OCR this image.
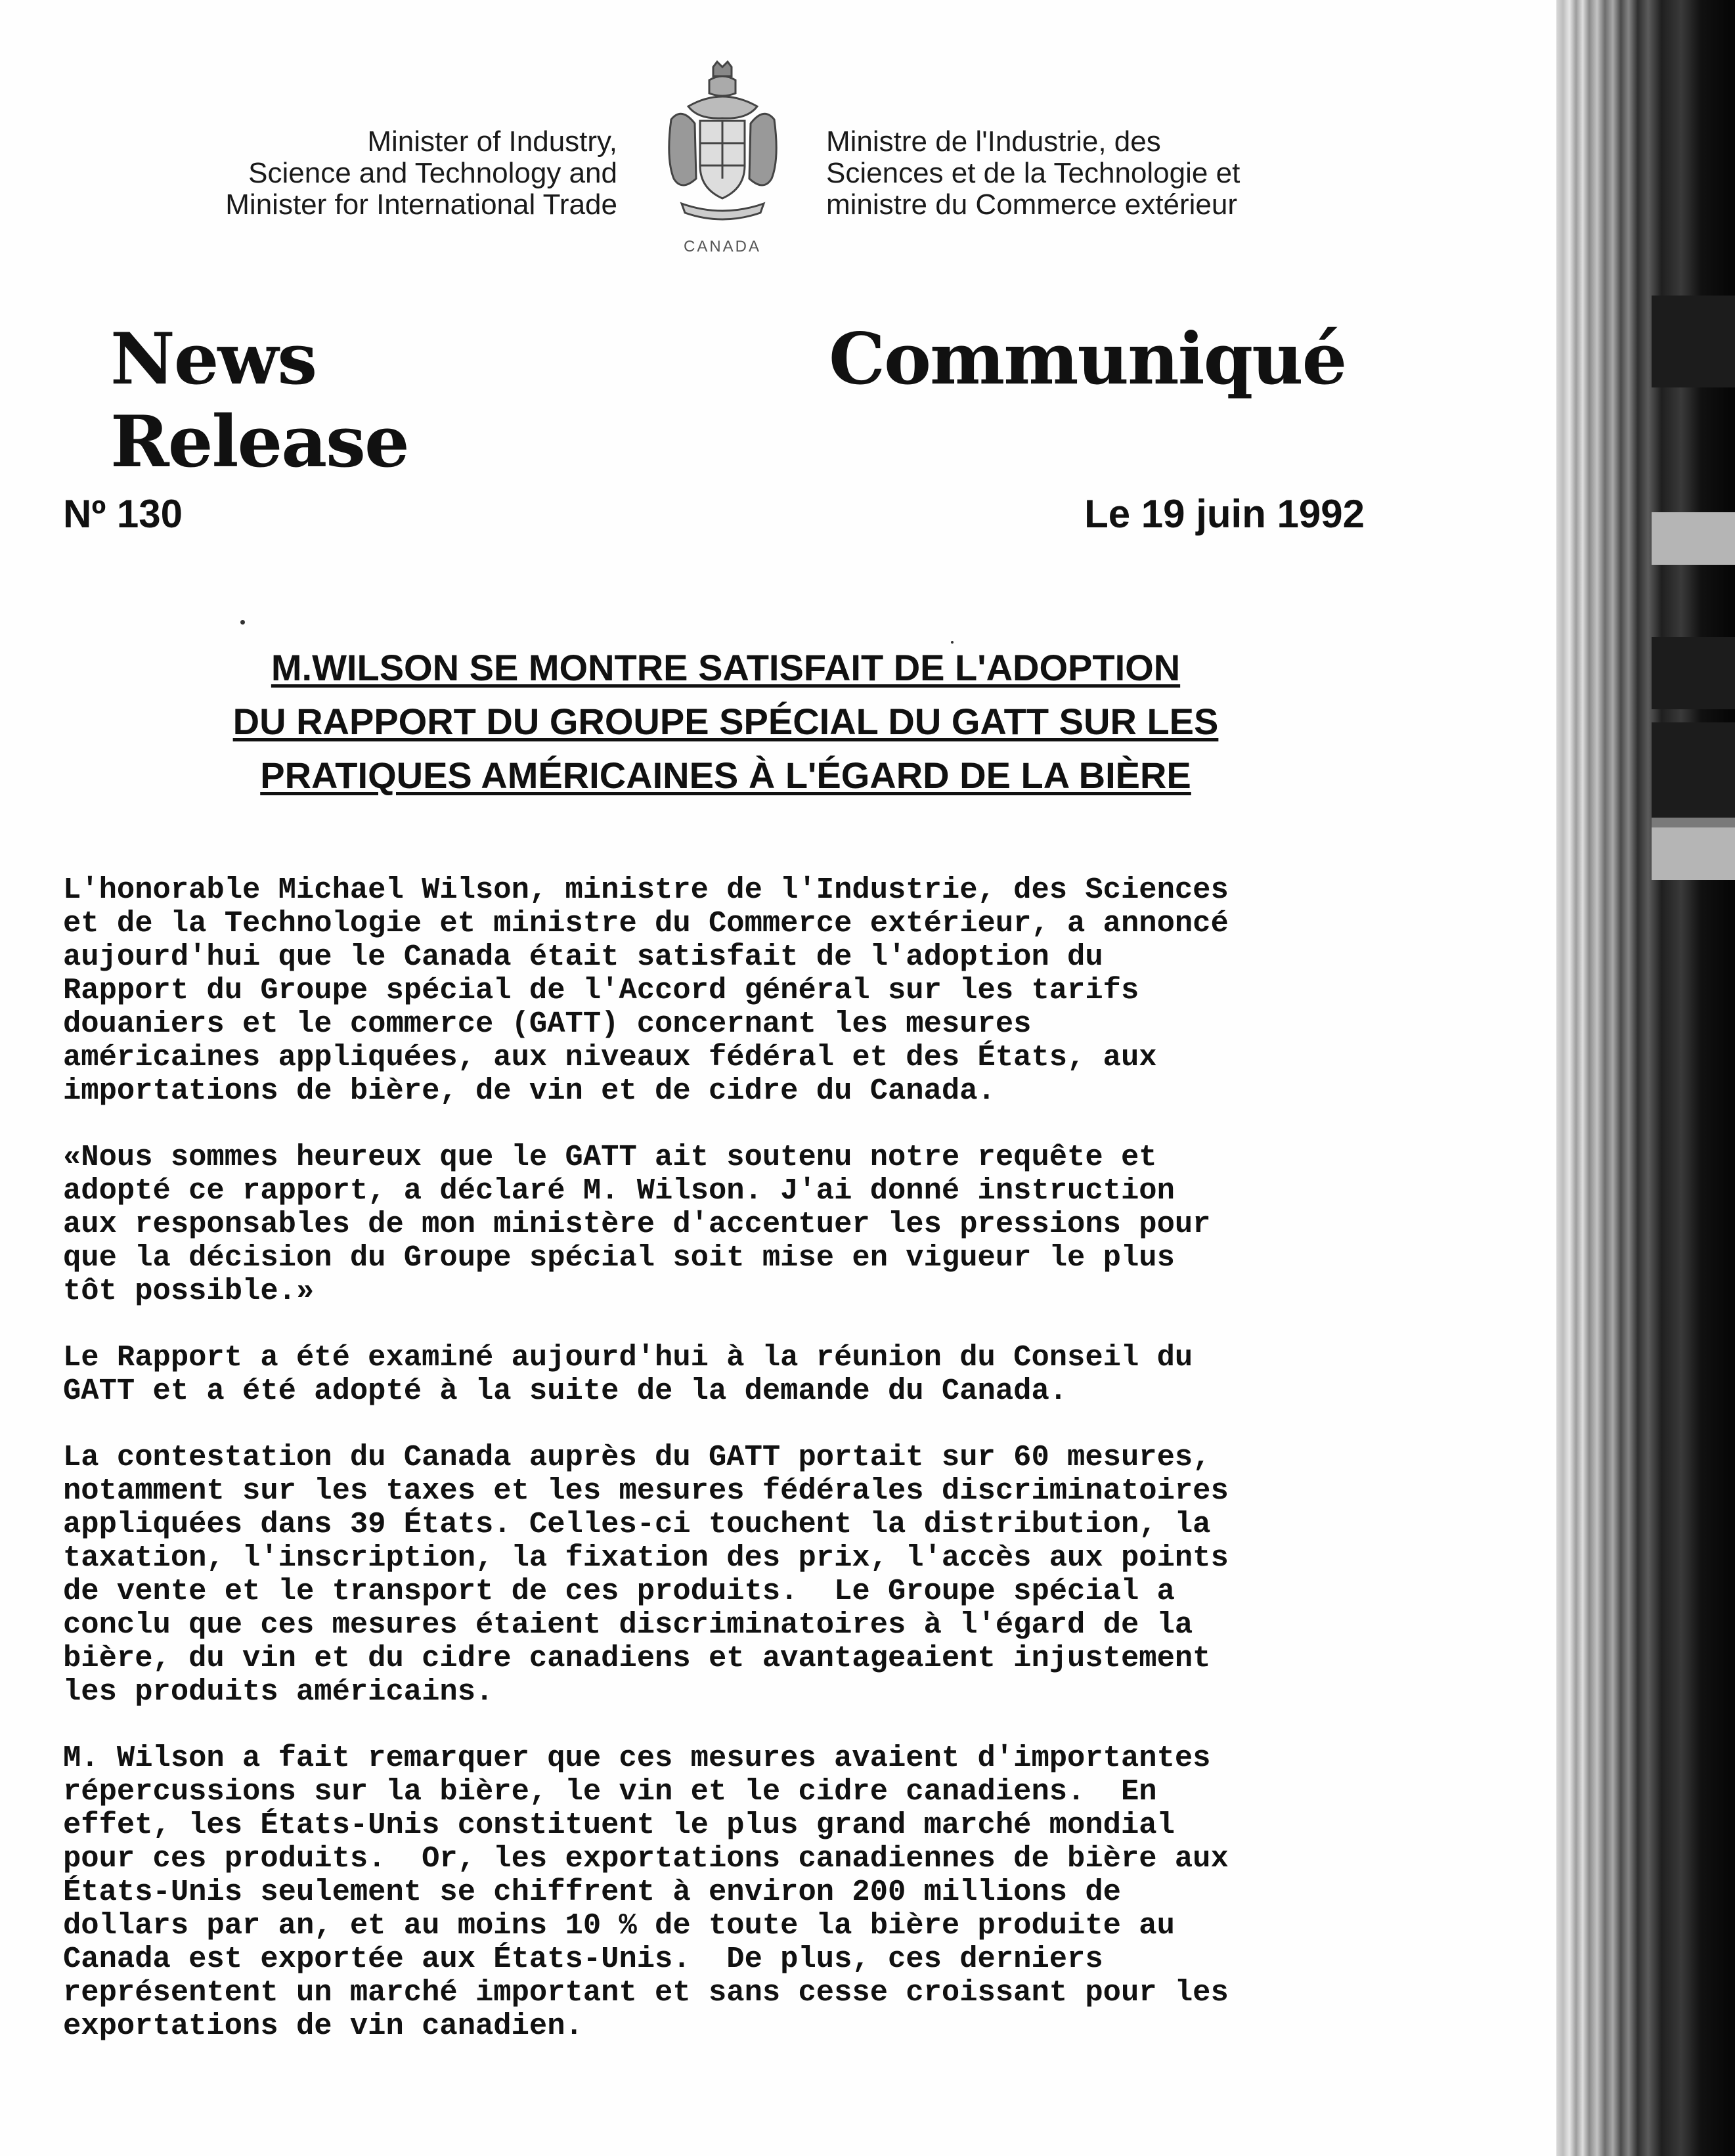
Minister of Industry,
Science and Technology and
Minister for International Trade
CANADA
Ministre de l'Industrie, des
Sciences et de la Technologie et
ministre du Commerce extérieur
News Release
Communiqué
Nº 130	Le 19 juin 1992
M.WILSON SE MONTRE SATISFAIT DE L'ADOPTION
DU RAPPORT DU GROUPE SPÉCIAL DU GATT SUR LES
PRATIQUES AMÉRICAINES À L'ÉGARD DE LA BIÈRE
L'honorable Michael Wilson, ministre de l'Industrie, des Sciences
et de la Technologie et ministre du Commerce extérieur, a annoncé
aujourd'hui que le Canada était satisfait de l'adoption du
Rapport du Groupe spécial de l'Accord général sur les tarifs
douaniers et le commerce (GATT) concernant les mesures
américaines appliquées, aux niveaux fédéral et des États, aux
importations de bière, de vin et de cidre du Canada.
«Nous sommes heureux que le GATT ait soutenu notre requête et
adopté ce rapport, a déclaré M. Wilson. J'ai donné instruction
aux responsables de mon ministère d'accentuer les pressions pour
que la décision du Groupe spécial soit mise en vigueur le plus
tôt possible.»
Le Rapport a été examiné aujourd'hui à la réunion du Conseil du
GATT et a été adopté à la suite de la demande du Canada.
La contestation du Canada auprès du GATT portait sur 60 mesures,
notamment sur les taxes et les mesures fédérales discriminatoires
appliquées dans 39 États. Celles-ci touchent la distribution, la
taxation, l'inscription, la fixation des prix, l'accès aux points
de vente et le transport de ces produits.  Le Groupe spécial a
conclu que ces mesures étaient discriminatoires à l'égard de la
bière, du vin et du cidre canadiens et avantageaient injustement
les produits américains.
M. Wilson a fait remarquer que ces mesures avaient d'importantes
répercussions sur la bière, le vin et le cidre canadiens.  En
effet, les États-Unis constituent le plus grand marché mondial
pour ces produits.  Or, les exportations canadiennes de bière aux
États-Unis seulement se chiffrent à environ 200 millions de
dollars par an, et au moins 10 % de toute la bière produite au
Canada est exportée aux États-Unis.  De plus, ces derniers
représentent un marché important et sans cesse croissant pour les
exportations de vin canadien.
